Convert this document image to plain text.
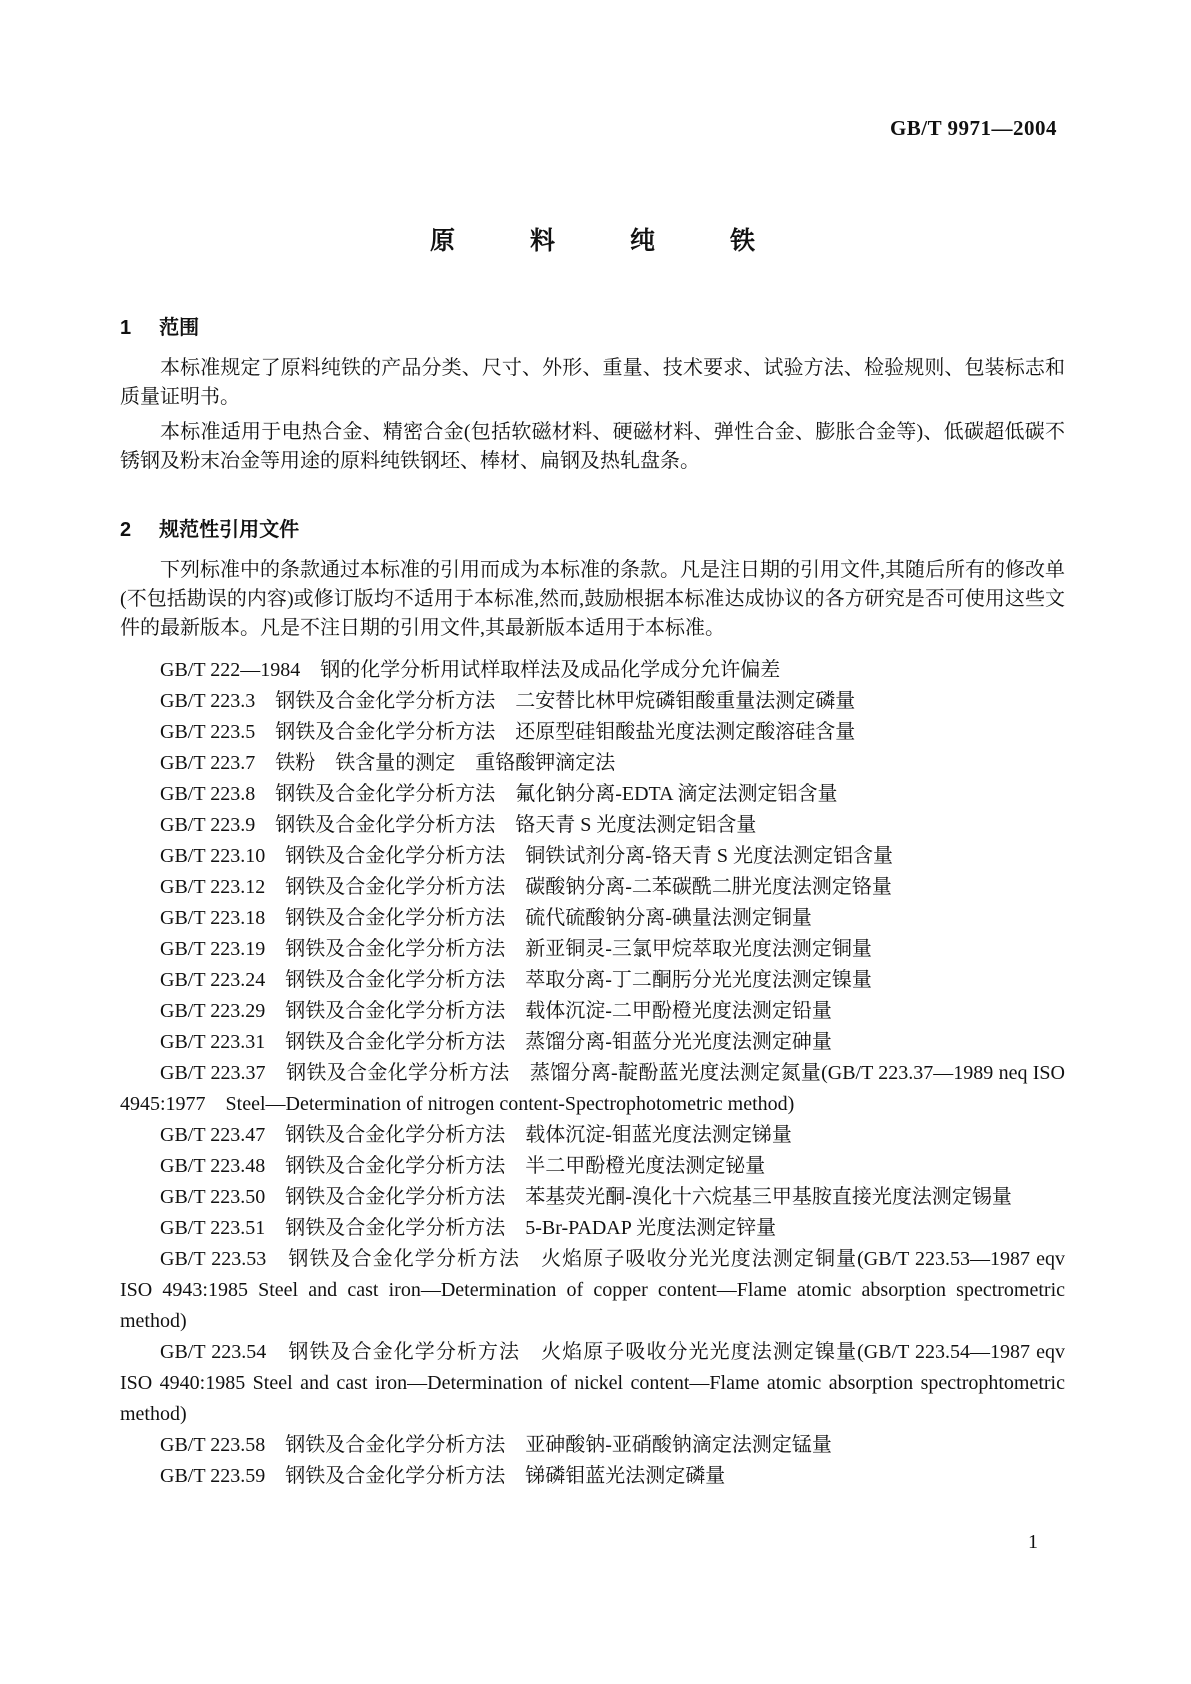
GB/T 9971—2004
原　　　料　　　纯　　　铁
1 范围

本标准规定了原料纯铁的产品分类、尺寸、外形、重量、技术要求、试验方法、检验规则、包装标志和质量证明书。

本标准适用于电热合金、精密合金(包括软磁材料、硬磁材料、弹性合金、膨胀合金等)、低碳超低碳不锈钢及粉末冶金等用途的原料纯铁钢坯、棒材、扁钢及热轧盘条。

2 规范性引用文件

下列标准中的条款通过本标准的引用而成为本标准的条款。凡是注日期的引用文件,其随后所有的修改单(不包括勘误的内容)或修订版均不适用于本标准,然而,鼓励根据本标准达成协议的各方研究是否可使用这些文件的最新版本。凡是不注日期的引用文件,其最新版本适用于本标准。

GB/T 222—1984　钢的化学分析用试样取样法及成品化学成分允许偏差

GB/T 223.3　钢铁及合金化学分析方法　二安替比林甲烷磷钼酸重量法测定磷量

GB/T 223.5　钢铁及合金化学分析方法　还原型硅钼酸盐光度法测定酸溶硅含量

GB/T 223.7　铁粉　铁含量的测定　重铬酸钾滴定法

GB/T 223.8　钢铁及合金化学分析方法　氟化钠分离-EDTA 滴定法测定铝含量

GB/T 223.9　钢铁及合金化学分析方法　铬天青 S 光度法测定铝含量

GB/T 223.10　钢铁及合金化学分析方法　铜铁试剂分离-铬天青 S 光度法测定铝含量

GB/T 223.12　钢铁及合金化学分析方法　碳酸钠分离-二苯碳酰二肼光度法测定铬量

GB/T 223.18　钢铁及合金化学分析方法　硫代硫酸钠分离-碘量法测定铜量

GB/T 223.19　钢铁及合金化学分析方法　新亚铜灵-三氯甲烷萃取光度法测定铜量

GB/T 223.24　钢铁及合金化学分析方法　萃取分离-丁二酮肟分光光度法测定镍量

GB/T 223.29　钢铁及合金化学分析方法　载体沉淀-二甲酚橙光度法测定铅量

GB/T 223.31　钢铁及合金化学分析方法　蒸馏分离-钼蓝分光光度法测定砷量

GB/T 223.37　钢铁及合金化学分析方法　蒸馏分离-靛酚蓝光度法测定氮量(GB/T 223.37—1989 neq ISO 4945:1977　Steel—Determination of nitrogen content-Spectrophotometric method)

GB/T 223.47　钢铁及合金化学分析方法　载体沉淀-钼蓝光度法测定锑量

GB/T 223.48　钢铁及合金化学分析方法　半二甲酚橙光度法测定铋量

GB/T 223.50　钢铁及合金化学分析方法　苯基荧光酮-溴化十六烷基三甲基胺直接光度法测定锡量

GB/T 223.51　钢铁及合金化学分析方法　5-Br-PADAP 光度法测定锌量

GB/T 223.53　钢铁及合金化学分析方法　火焰原子吸收分光光度法测定铜量(GB/T 223.53—1987 eqv ISO 4943:1985 Steel and cast iron—Determination of copper content—Flame atomic absorption spectrometric method)

GB/T 223.54　钢铁及合金化学分析方法　火焰原子吸收分光光度法测定镍量(GB/T 223.54—1987 eqv ISO 4940:1985 Steel and cast iron—Determination of nickel content—Flame atomic absorption spectrophtometric method)

GB/T 223.58　钢铁及合金化学分析方法　亚砷酸钠-亚硝酸钠滴定法测定锰量

GB/T 223.59　钢铁及合金化学分析方法　锑磷钼蓝光法测定磷量

1
